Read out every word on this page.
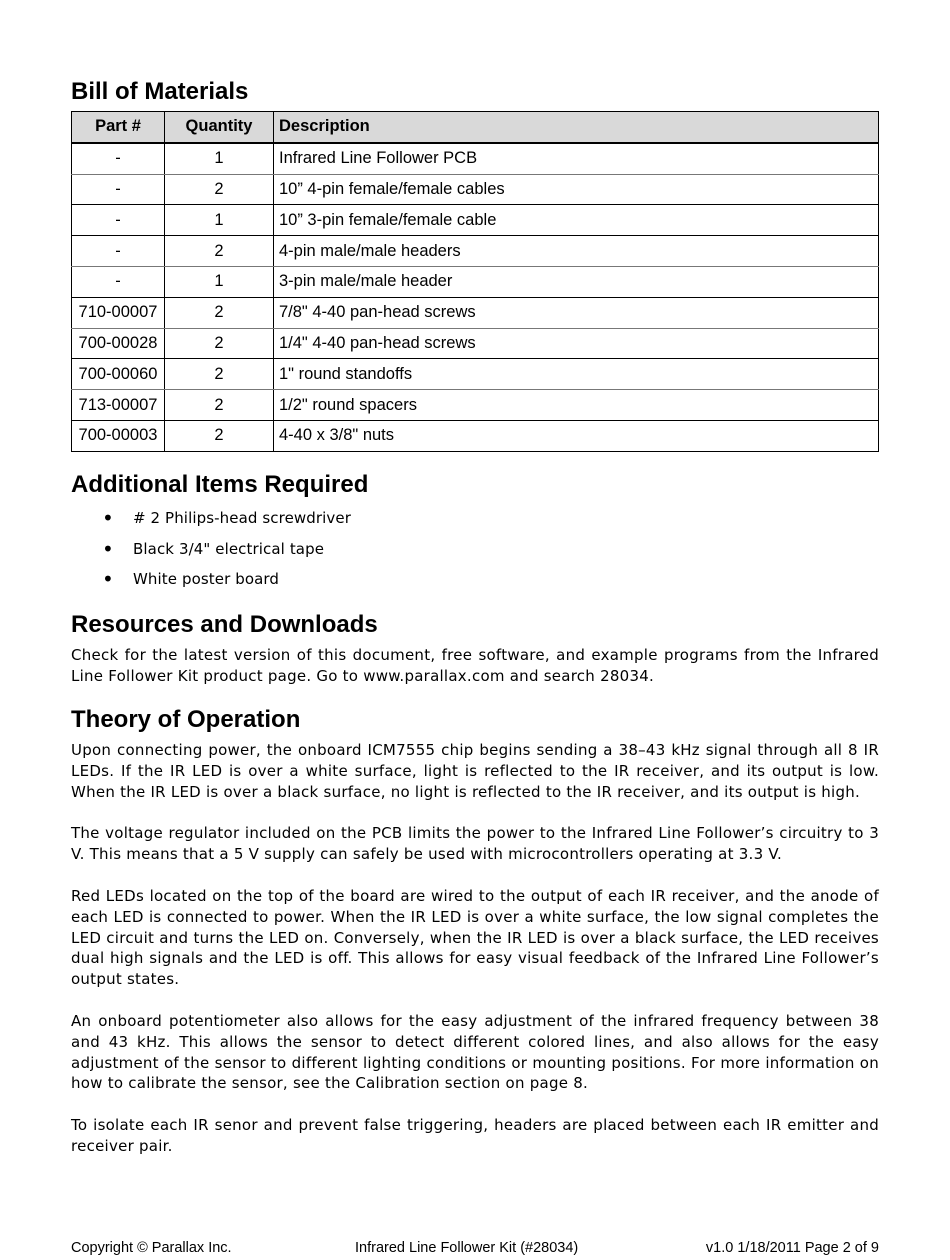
Bill of Materials
Part #	Quantity	Description
-	1	Infrared Line Follower PCB
-	2	10” 4-pin female/female cables
-	1	10” 3-pin female/female cable
-	2	4-pin male/male headers
-	1	3-pin male/male header
710-00007	2	7/8" 4-40 pan-head screws
700-00028	2	1/4" 4-40 pan-head screws
700-00060	2	1" round standoffs
713-00007	2	1/2" round spacers
700-00003	2	4-40 x 3/8" nuts
Additional Items Required
• # 2 Philips-head screwdriver
• Black 3/4" electrical tape
• White poster board
Resources and Downloads

Check for the latest version of this document, free software, and example programs from the Infrared Line Follower Kit product page. Go to www.parallax.com and search 28034.

Theory of Operation

Upon connecting power, the onboard ICM7555 chip begins sending a 38–43 kHz signal through all 8 IR LEDs. If the IR LED is over a white surface, light is reflected to the IR receiver, and its output is low. When the IR LED is over a black surface, no light is reflected to the IR receiver, and its output is high.

The voltage regulator included on the PCB limits the power to the Infrared Line Follower’s circuitry to 3 V. This means that a 5 V supply can safely be used with microcontrollers operating at 3.3 V.

Red LEDs located on the top of the board are wired to the output of each IR receiver, and the anode of each LED is connected to power. When the IR LED is over a white surface, the low signal completes the LED circuit and turns the LED on. Conversely, when the IR LED is over a black surface, the LED receives dual high signals and the LED is off. This allows for easy visual feedback of the Infrared Line Follower’s output states.

An onboard potentiometer also allows for the easy adjustment of the infrared frequency between 38 and 43 kHz. This allows the sensor to detect different colored lines, and also allows for the easy adjustment of the sensor to different lighting conditions or mounting positions. For more information on how to calibrate the sensor, see the Calibration section on page 8.

To isolate each IR senor and prevent false triggering, headers are placed between each IR emitter and receiver pair.

Copyright © Parallax Inc.	Infrared Line Follower Kit (#28034)	v1.0 1/18/2011 Page 2 of 9
